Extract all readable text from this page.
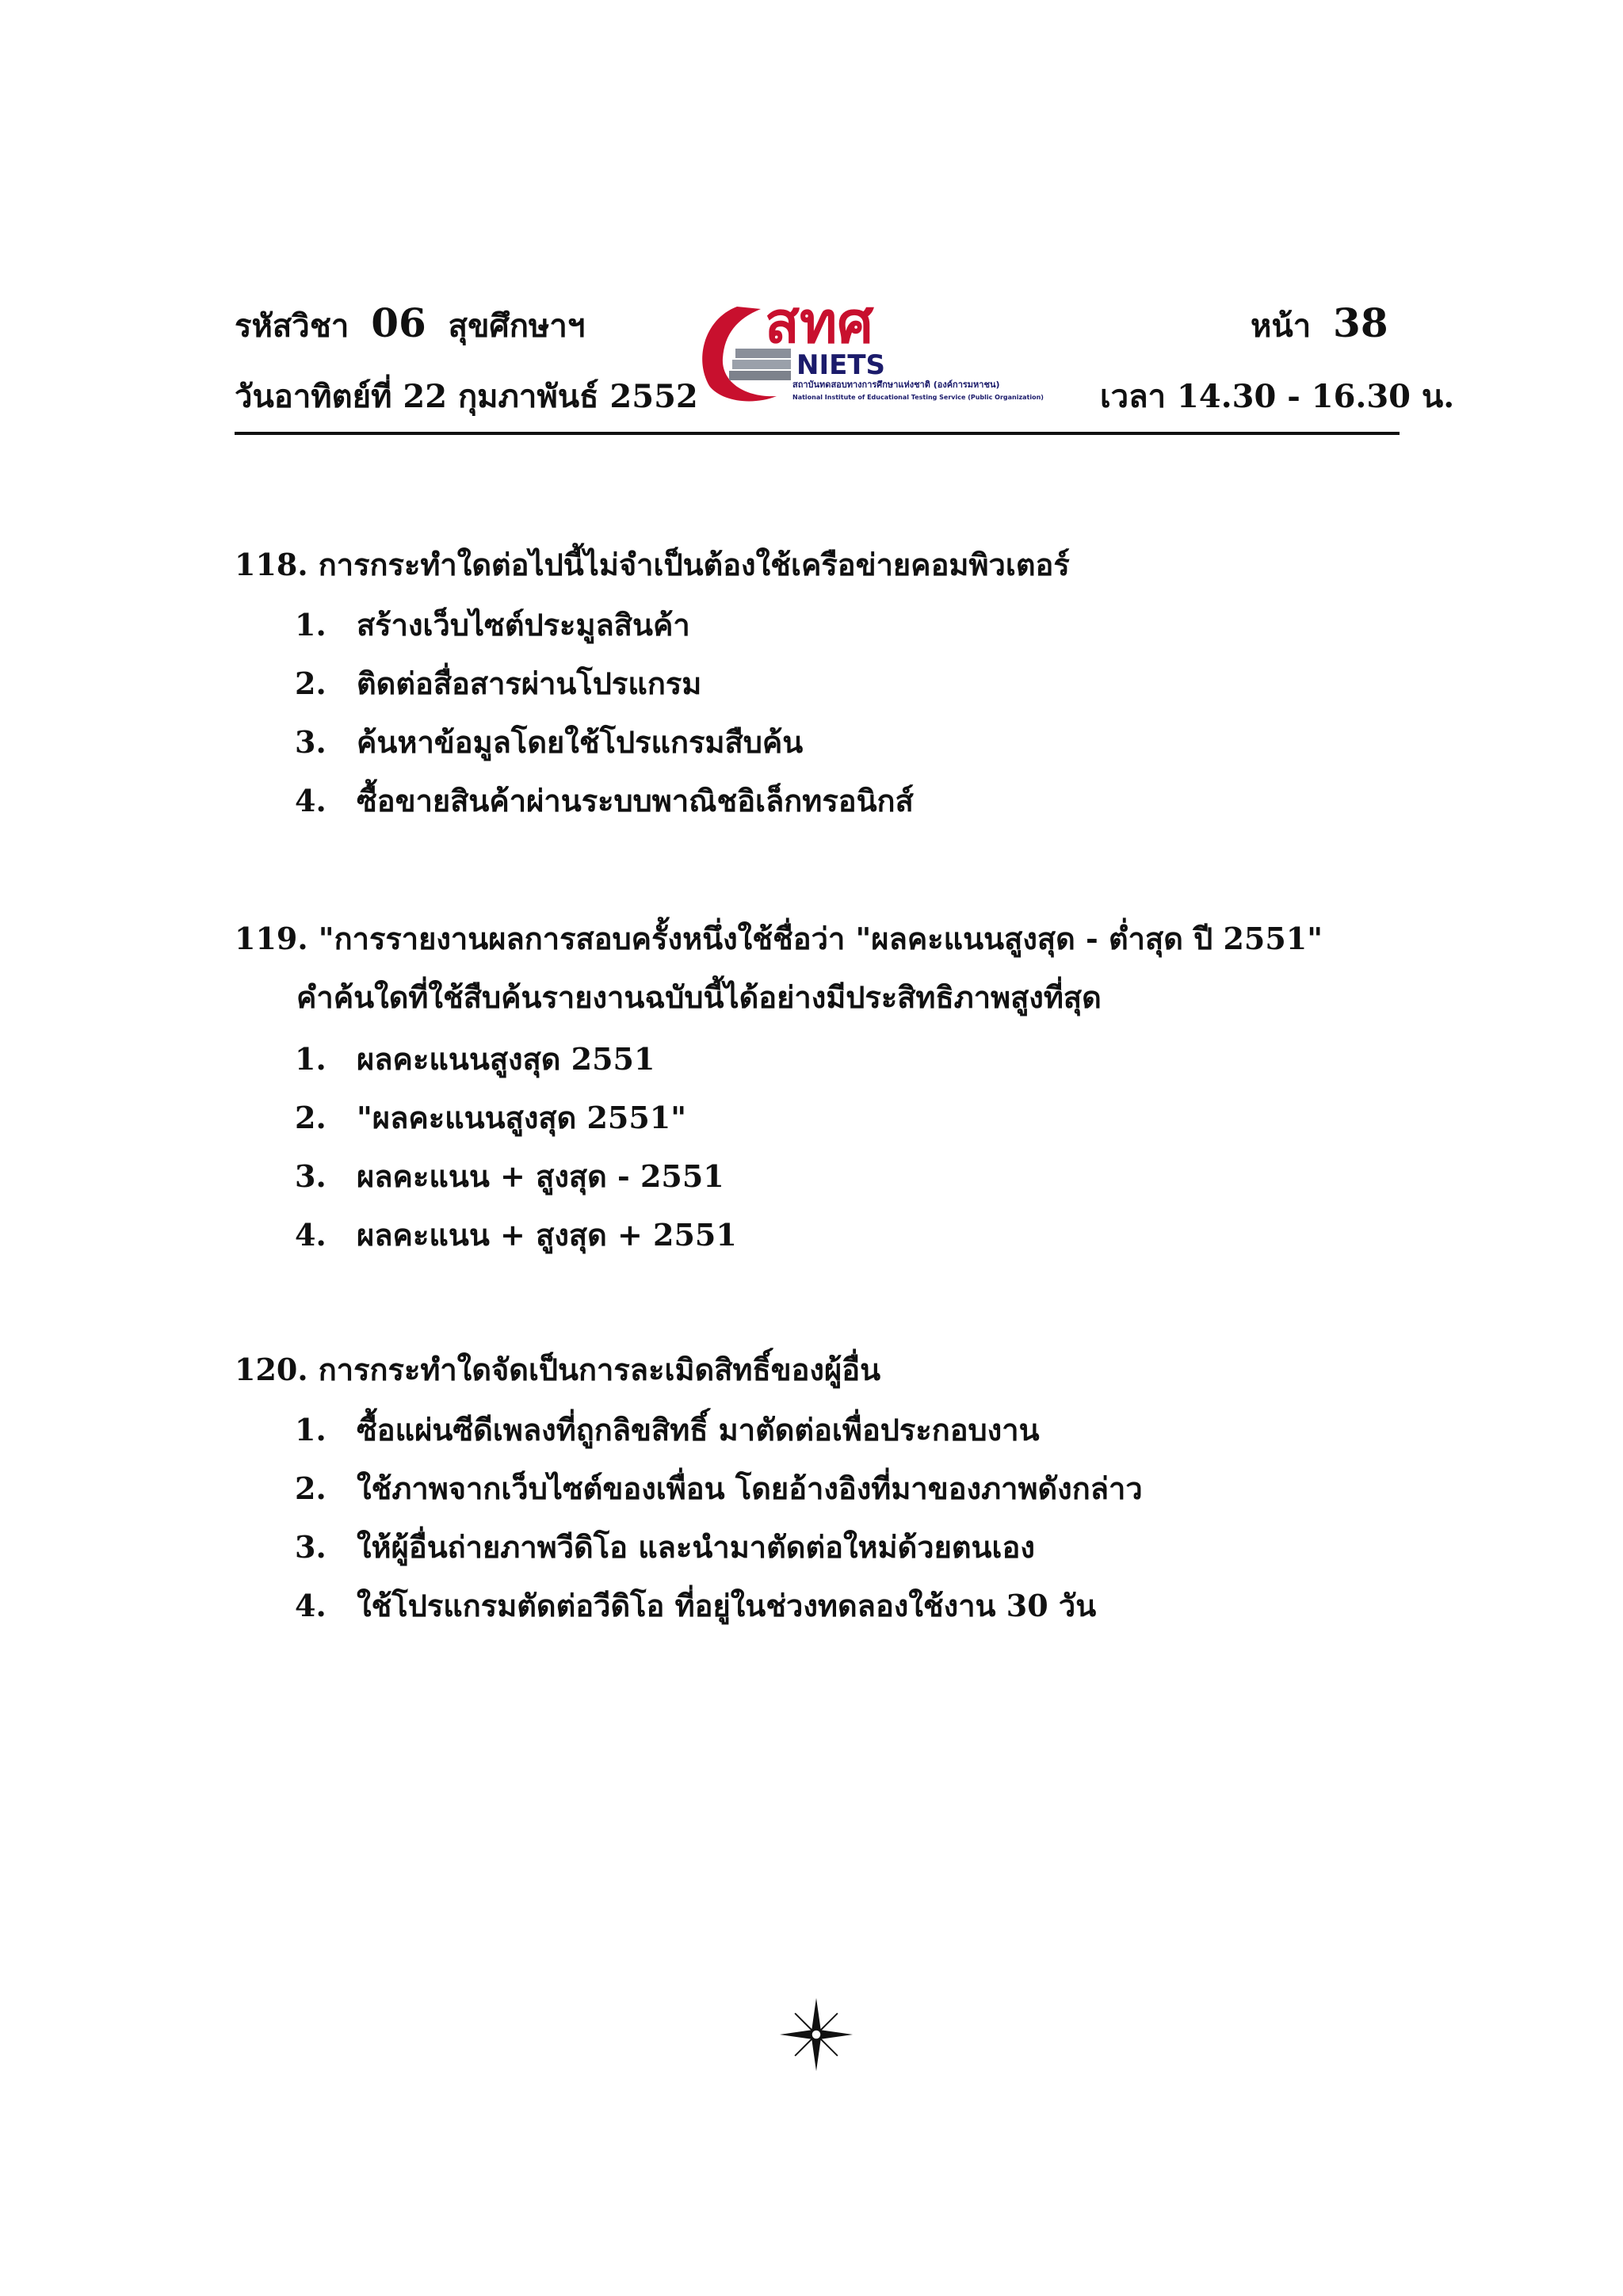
รหัสวิชา 06 สุขศึกษาฯ
วันอาทิตย์ที่ 22 กุมภาพันธ์ 2552
หน้า 38
เวลา 14.30 - 16.30 น.
สทศ
NIETS
สถาบันทดสอบทางการศึกษาแห่งชาติ (องค์การมหาชน)
National Institute of Educational Testing Service (Public Organization)
118. การกระทำใดต่อไปนี้ไม่จำเป็นต้องใช้เครือข่ายคอมพิวเตอร์
1. สร้างเว็บไซต์ประมูลสินค้า
2. ติดต่อสื่อสารผ่านโปรแกรม
3. ค้นหาข้อมูลโดยใช้โปรแกรมสืบค้น
4. ซื้อขายสินค้าผ่านระบบพาณิชอิเล็กทรอนิกส์
119. "การรายงานผลการสอบครั้งหนึ่งใช้ชื่อว่า "ผลคะแนนสูงสุด - ต่ำสุด ปี 2551"
คำค้นใดที่ใช้สืบค้นรายงานฉบับนี้ได้อย่างมีประสิทธิภาพสูงที่สุด
1. ผลคะแนนสูงสุด 2551
2. "ผลคะแนนสูงสุด 2551"
3. ผลคะแนน + สูงสุด - 2551
4. ผลคะแนน + สูงสุด + 2551
120. การกระทำใดจัดเป็นการละเมิดสิทธิ์ของผู้อื่น
1. ซื้อแผ่นซีดีเพลงที่ถูกลิขสิทธิ์ มาตัดต่อเพื่อประกอบงาน
2. ใช้ภาพจากเว็บไซต์ของเพื่อน โดยอ้างอิงที่มาของภาพดังกล่าว
3. ให้ผู้อื่นถ่ายภาพวีดิโอ และนำมาตัดต่อใหม่ด้วยตนเอง
4. ใช้โปรแกรมตัดต่อวีดิโอ ที่อยู่ในช่วงทดลองใช้งาน 30 วัน
